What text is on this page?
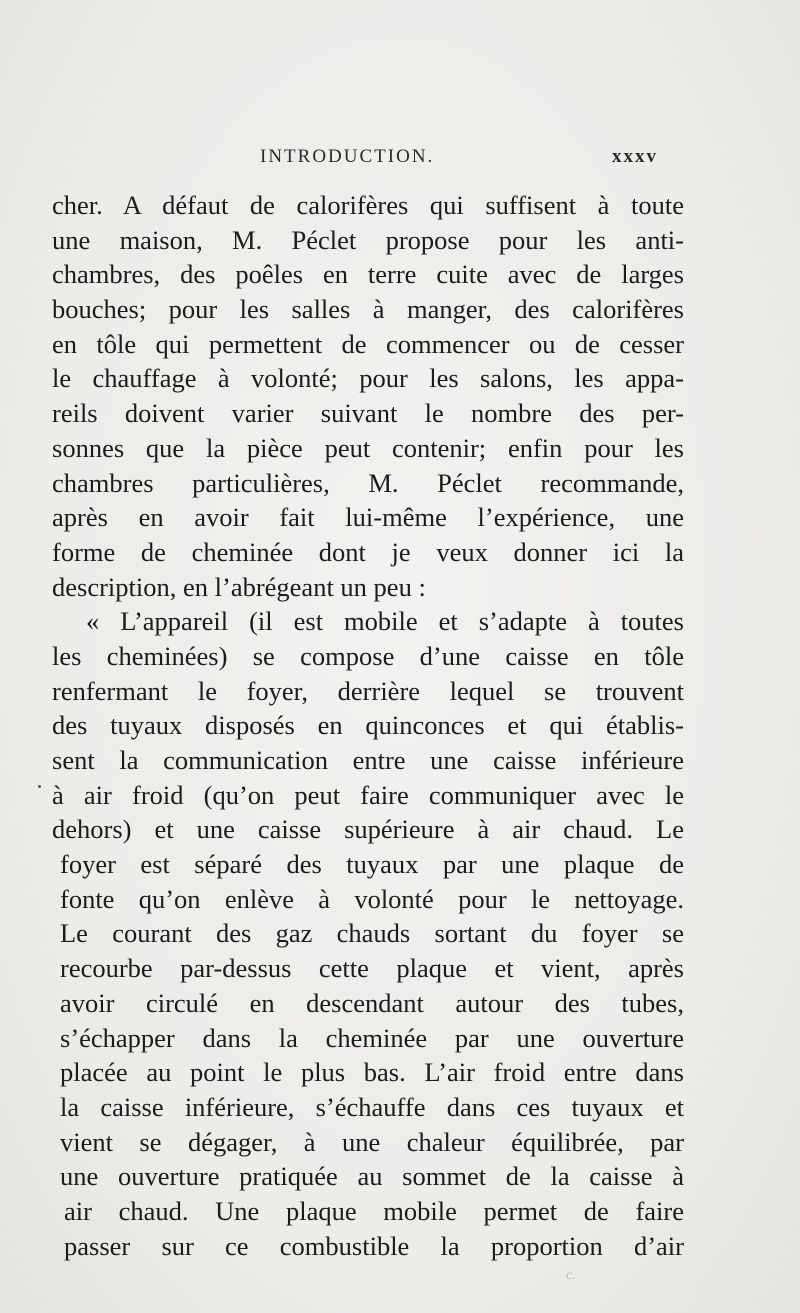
INTRODUCTION.	xxxv
cher. A défaut de calorifères qui suffisent à toute
une maison, M. Péclet propose pour les anti-
chambres, des poêles en terre cuite avec de larges
bouches; pour les salles à manger, des calorifères
en tôle qui permettent de commencer ou de cesser
le chauffage à volonté; pour les salons, les appa-
reils doivent varier suivant le nombre des per-
sonnes que la pièce peut contenir; enfin pour les
chambres particulières, M. Péclet recommande,
après en avoir fait lui-même l’expérience, une
forme de cheminée dont je veux donner ici la
description, en l’abrégeant un peu :
« L’appareil (il est mobile et s’adapte à toutes
les cheminées) se compose d’une caisse en tôle
renfermant le foyer, derrière lequel se trouvent
des tuyaux disposés en quinconces et qui établis-
sent la communication entre une caisse inférieure
à air froid (qu’on peut faire communiquer avec le
dehors) et une caisse supérieure à air chaud. Le
foyer est séparé des tuyaux par une plaque de
fonte qu’on enlève à volonté pour le nettoyage.
Le courant des gaz chauds sortant du foyer se
recourbe par-dessus cette plaque et vient, après
avoir circulé en descendant autour des tubes,
s’échapper dans la cheminée par une ouverture
placée au point le plus bas. L’air froid entre dans
la caisse inférieure, s’échauffe dans ces tuyaux et
vient se dégager, à une chaleur équilibrée, par
une ouverture pratiquée au sommet de la caisse à
air chaud. Une plaque mobile permet de faire
passer sur ce combustible la proportion d’air
c.
